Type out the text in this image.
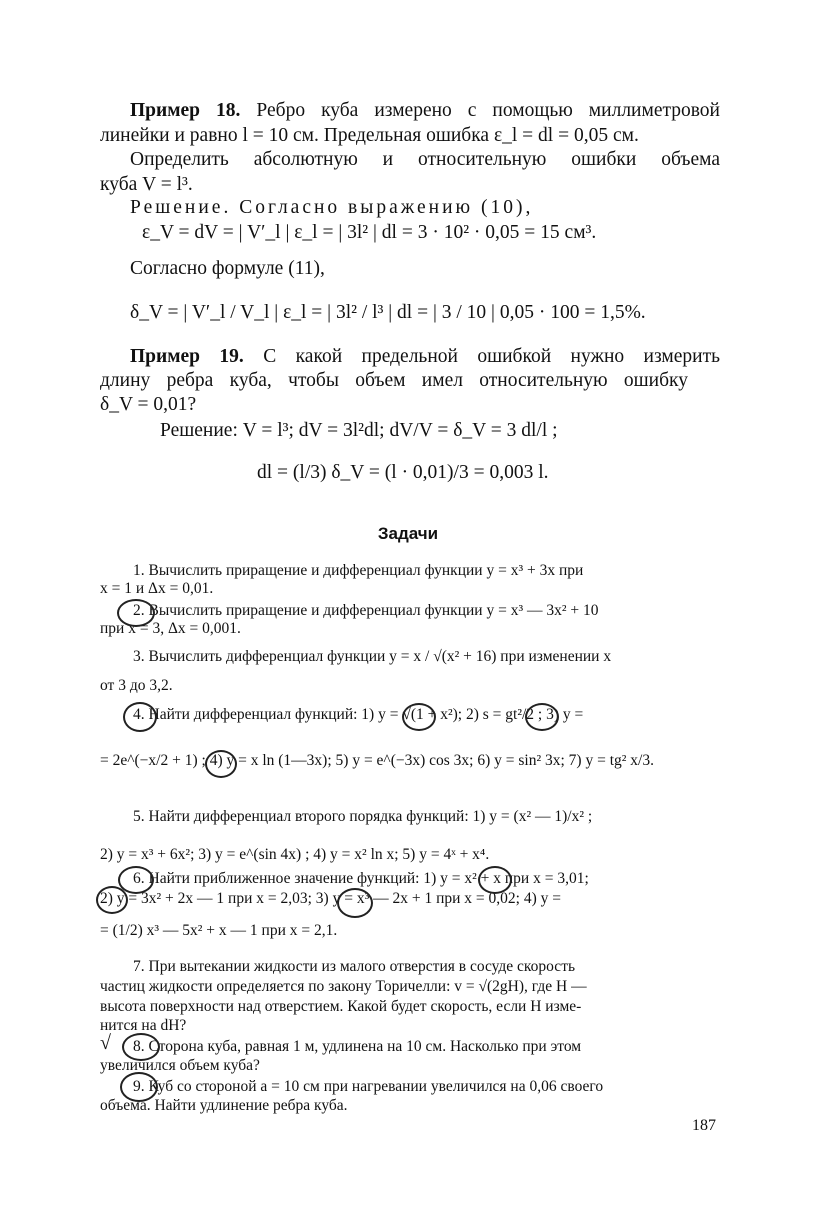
Пример 18. Ребро куба измерено с помощью миллиметровой
линейки и равно l = 10 см. Предельная ошибка ε_l = dl = 0,05 см.
Определить абсолютную и относительную ошибки объема
куба V = l³.
Решение. Согласно выражению (10),
ε_V = dV = | V′_l | ε_l = | 3l² | dl = 3 · 10² · 0,05 = 15 см³.
Согласно формуле (11),
δ_V = | V′_l / V_l | ε_l = | 3l² / l³ | dl = | 3 / 10 | 0,05 · 100 = 1,5%.
Пример 19. С какой предельной ошибкой нужно измерить
длину ребра куба, чтобы объем имел относительную ошибку
δ_V = 0,01?
Решение: V = l³; dV = 3l²dl; dV/V = δ_V = 3 dl/l ;
dl = (l/3) δ_V = (l · 0,01)/3 = 0,003 l.
Задачи
1. Вычислить приращение и дифференциал функции y = x³ + 3x при
x = 1 и Δx = 0,01.
2. Вычислить приращение и дифференциал функции y = x³ — 3x² + 10
при x = 3, Δx = 0,001.
3. Вычислить дифференциал функции y = x / √(x² + 16) при изменении x
от 3 до 3,2.
4. Найти дифференциал функций: 1) y = √(1 + x²); 2) s = gt²/2 ; 3) y =
= 2e^(−x/2 + 1) ; 4) y = x ln (1—3x); 5) y = e^(−3x) cos 3x; 6) y = sin² 3x; 7) y = tg² x/3.
5. Найти дифференциал второго порядка функций: 1) y = (x² — 1)/x² ;
2) y = x³ + 6x²; 3) y = e^(sin 4x) ; 4) y = x² ln x; 5) y = 4ˣ + x⁴.
6. Найти приближенное значение функций: 1) y = x² + x при x = 3,01;
2) y = 3x² + 2x — 1 при x = 2,03; 3) y = x³ — 2x + 1 при x = 0,02; 4) y =
= (1/2) x³ — 5x² + x — 1 при x = 2,1.
7. При вытекании жидкости из малого отверстия в сосуде скорость
частиц жидкости определяется по закону Торичелли: v = √(2gH), где H —
высота поверхности над отверстием. Какой будет скорость, если H изме-
нится на dH?
√ 8. Сторона куба, равная 1 м, удлинена на 10 см. Насколько при этом
увеличился объем куба?
9. Куб со стороной a = 10 см при нагревании увеличился на 0,06 своего
объема. Найти удлинение ребра куба.
187
